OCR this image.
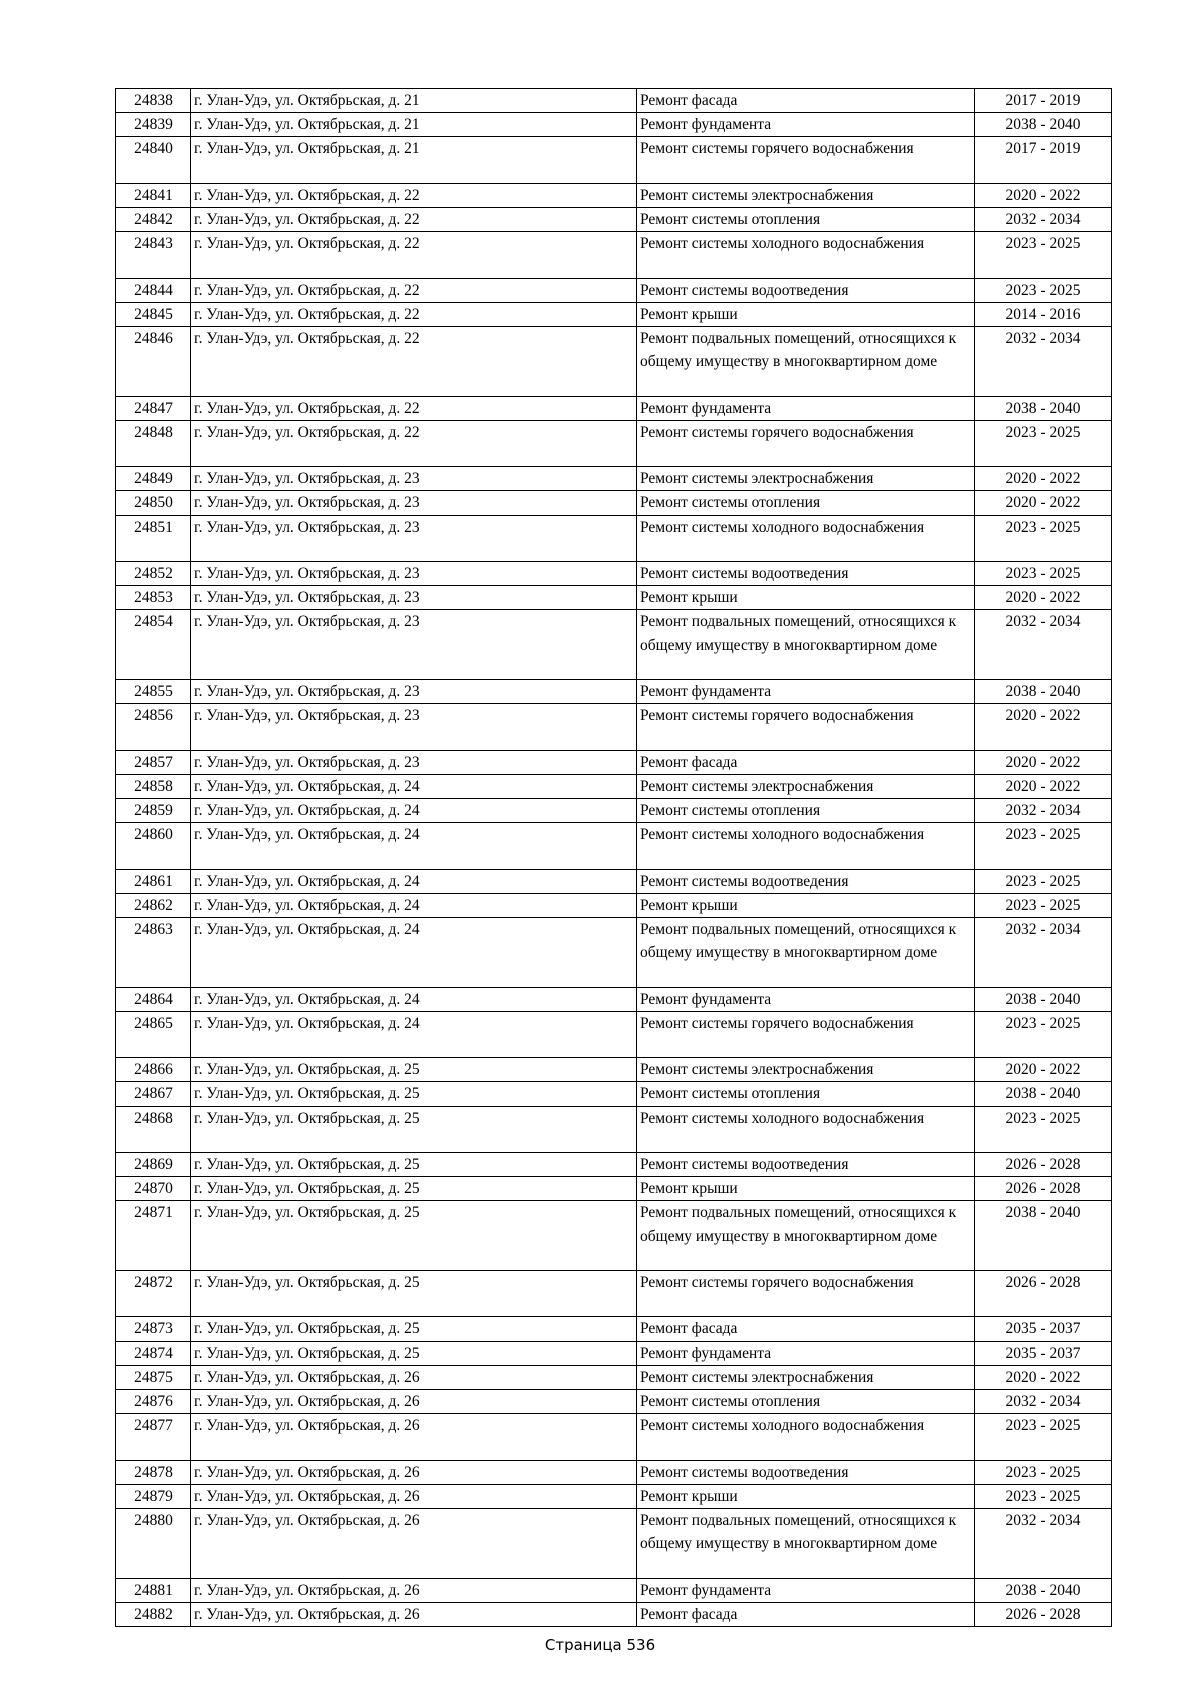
24838	г. Улан-Удэ, ул. Октябрьская, д. 21	Ремонт фасада	2017 - 2019
24839	г. Улан-Удэ, ул. Октябрьская, д. 21	Ремонт фундамента	2038 - 2040
24840	г. Улан-Удэ, ул. Октябрьская, д. 21	Ремонт системы горячего водоснабжения	2017 - 2019
24841	г. Улан-Удэ, ул. Октябрьская, д. 22	Ремонт системы электроснабжения	2020 - 2022
24842	г. Улан-Удэ, ул. Октябрьская, д. 22	Ремонт системы отопления	2032 - 2034
24843	г. Улан-Удэ, ул. Октябрьская, д. 22	Ремонт системы холодного водоснабжения	2023 - 2025
24844	г. Улан-Удэ, ул. Октябрьская, д. 22	Ремонт системы водоотведения	2023 - 2025
24845	г. Улан-Удэ, ул. Октябрьская, д. 22	Ремонт крыши	2014 - 2016
24846	г. Улан-Удэ, ул. Октябрьская, д. 22	Ремонт подвальных помещений, относящихся к общему имуществу в многоквартирном доме	2032 - 2034
24847	г. Улан-Удэ, ул. Октябрьская, д. 22	Ремонт фундамента	2038 - 2040
24848	г. Улан-Удэ, ул. Октябрьская, д. 22	Ремонт системы горячего водоснабжения	2023 - 2025
24849	г. Улан-Удэ, ул. Октябрьская, д. 23	Ремонт системы электроснабжения	2020 - 2022
24850	г. Улан-Удэ, ул. Октябрьская, д. 23	Ремонт системы отопления	2020 - 2022
24851	г. Улан-Удэ, ул. Октябрьская, д. 23	Ремонт системы холодного водоснабжения	2023 - 2025
24852	г. Улан-Удэ, ул. Октябрьская, д. 23	Ремонт системы водоотведения	2023 - 2025
24853	г. Улан-Удэ, ул. Октябрьская, д. 23	Ремонт крыши	2020 - 2022
24854	г. Улан-Удэ, ул. Октябрьская, д. 23	Ремонт подвальных помещений, относящихся к общему имуществу в многоквартирном доме	2032 - 2034
24855	г. Улан-Удэ, ул. Октябрьская, д. 23	Ремонт фундамента	2038 - 2040
24856	г. Улан-Удэ, ул. Октябрьская, д. 23	Ремонт системы горячего водоснабжения	2020 - 2022
24857	г. Улан-Удэ, ул. Октябрьская, д. 23	Ремонт фасада	2020 - 2022
24858	г. Улан-Удэ, ул. Октябрьская, д. 24	Ремонт системы электроснабжения	2020 - 2022
24859	г. Улан-Удэ, ул. Октябрьская, д. 24	Ремонт системы отопления	2032 - 2034
24860	г. Улан-Удэ, ул. Октябрьская, д. 24	Ремонт системы холодного водоснабжения	2023 - 2025
24861	г. Улан-Удэ, ул. Октябрьская, д. 24	Ремонт системы водоотведения	2023 - 2025
24862	г. Улан-Удэ, ул. Октябрьская, д. 24	Ремонт крыши	2023 - 2025
24863	г. Улан-Удэ, ул. Октябрьская, д. 24	Ремонт подвальных помещений, относящихся к общему имуществу в многоквартирном доме	2032 - 2034
24864	г. Улан-Удэ, ул. Октябрьская, д. 24	Ремонт фундамента	2038 - 2040
24865	г. Улан-Удэ, ул. Октябрьская, д. 24	Ремонт системы горячего водоснабжения	2023 - 2025
24866	г. Улан-Удэ, ул. Октябрьская, д. 25	Ремонт системы электроснабжения	2020 - 2022
24867	г. Улан-Удэ, ул. Октябрьская, д. 25	Ремонт системы отопления	2038 - 2040
24868	г. Улан-Удэ, ул. Октябрьская, д. 25	Ремонт системы холодного водоснабжения	2023 - 2025
24869	г. Улан-Удэ, ул. Октябрьская, д. 25	Ремонт системы водоотведения	2026 - 2028
24870	г. Улан-Удэ, ул. Октябрьская, д. 25	Ремонт крыши	2026 - 2028
24871	г. Улан-Удэ, ул. Октябрьская, д. 25	Ремонт подвальных помещений, относящихся к общему имуществу в многоквартирном доме	2038 - 2040
24872	г. Улан-Удэ, ул. Октябрьская, д. 25	Ремонт системы горячего водоснабжения	2026 - 2028
24873	г. Улан-Удэ, ул. Октябрьская, д. 25	Ремонт фасада	2035 - 2037
24874	г. Улан-Удэ, ул. Октябрьская, д. 25	Ремонт фундамента	2035 - 2037
24875	г. Улан-Удэ, ул. Октябрьская, д. 26	Ремонт системы электроснабжения	2020 - 2022
24876	г. Улан-Удэ, ул. Октябрьская, д. 26	Ремонт системы отопления	2032 - 2034
24877	г. Улан-Удэ, ул. Октябрьская, д. 26	Ремонт системы холодного водоснабжения	2023 - 2025
24878	г. Улан-Удэ, ул. Октябрьская, д. 26	Ремонт системы водоотведения	2023 - 2025
24879	г. Улан-Удэ, ул. Октябрьская, д. 26	Ремонт крыши	2023 - 2025
24880	г. Улан-Удэ, ул. Октябрьская, д. 26	Ремонт подвальных помещений, относящихся к общему имуществу в многоквартирном доме	2032 - 2034
24881	г. Улан-Удэ, ул. Октябрьская, д. 26	Ремонт фундамента	2038 - 2040
24882	г. Улан-Удэ, ул. Октябрьская, д. 26	Ремонт фасада	2026 - 2028
Страница 536
